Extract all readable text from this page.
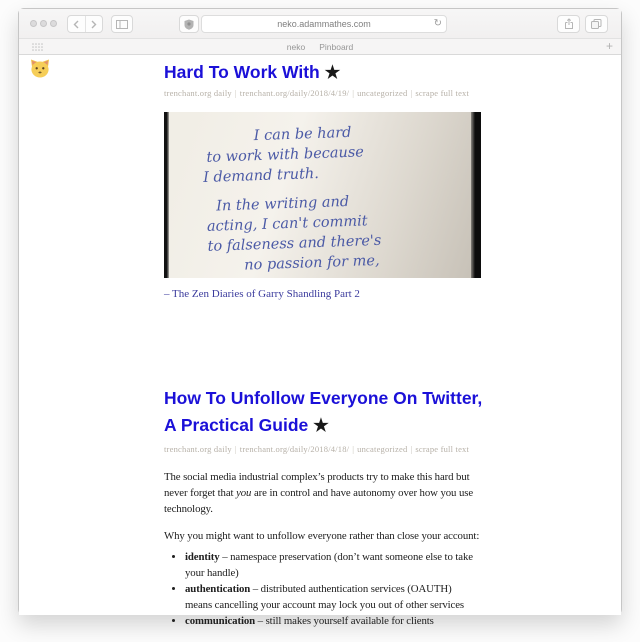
neko.adammathes.com	↻
neko Pinboard	+
Hard To Work With ★
trenchant.org daily | trenchant.org/daily/2018/4/19/ | uncategorized | scrape full text
I can be hard
to work with because
I demand truth.
In the writing and
acting, I can't commit
to falseness and there's
no passion for me,
– The Zen Diaries of Garry Shandling Part 2
How To Unfollow Everyone On Twitter,
A Practical Guide ★
trenchant.org daily | trenchant.org/daily/2018/4/18/ | uncategorized | scrape full text

The social media industrial complex’s products try to make this hard but never forget that you are in control and have autonomy over how you use technology.

Why you might want to unfollow everyone rather than close your account:

• identity – namespace preservation (don’t want someone else to take your handle)
• authentication – distributed authentication services (OAUTH) means cancelling your account may lock you out of other services
• communication – still makes yourself available for clients
